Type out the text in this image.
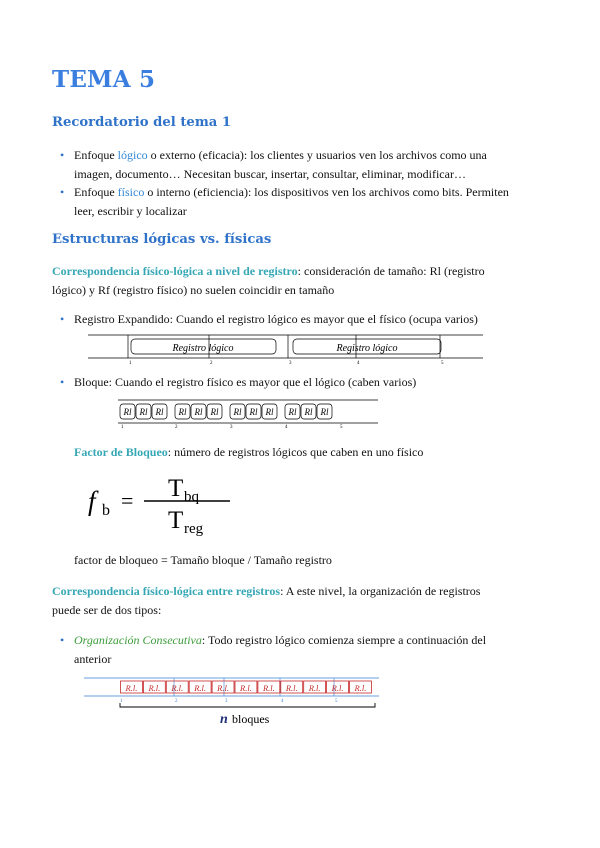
TEMA 5
Recordatorio del tema 1
• Enfoque lógico o externo (eficacia): los clientes y usuarios ven los archivos como una
imagen, documento… Necesitan buscar, insertar, consultar, eliminar, modificar…

• Enfoque físico o interno (eficiencia): los dispositivos ven los archivos como bits. Permiten
leer, escribir y localizar

Estructuras lógicas vs. físicas

Correspondencia físico-lógica a nivel de registro: consideración de tamaño: Rl (registro
lógico) y Rf (registro físico) no suelen coincidir en tamaño

• Registro Expandido: Cuando el registro lógico es mayor que el físico (ocupa varios)

Registro lógico	Registro lógico
1	2	3	4	5
• Bloque: Cuando el registro físico es mayor que el lógico (caben varios)

Rl Rl Rl Rl Rl Rl Rl Rl Rl Rl Rl Rl
1	2	3	4	5

Factor de Bloqueo: número de registros lógicos que caben en uno físico

f b = T bq
T reg

factor de bloqueo = Tamaño bloque / Tamaño registro

Correspondencia físico-lógica entre registros: A este nivel, la organización de registros
puede ser de dos tipos:

• Organización Consecutiva: Todo registro lógico comienza siempre a continuación del
anterior

R.l. R.l. R.l. R.l. R.l. R.l. R.l. R.l. R.l. R.l. R.l.
1	2	3	4	5
n bloques
